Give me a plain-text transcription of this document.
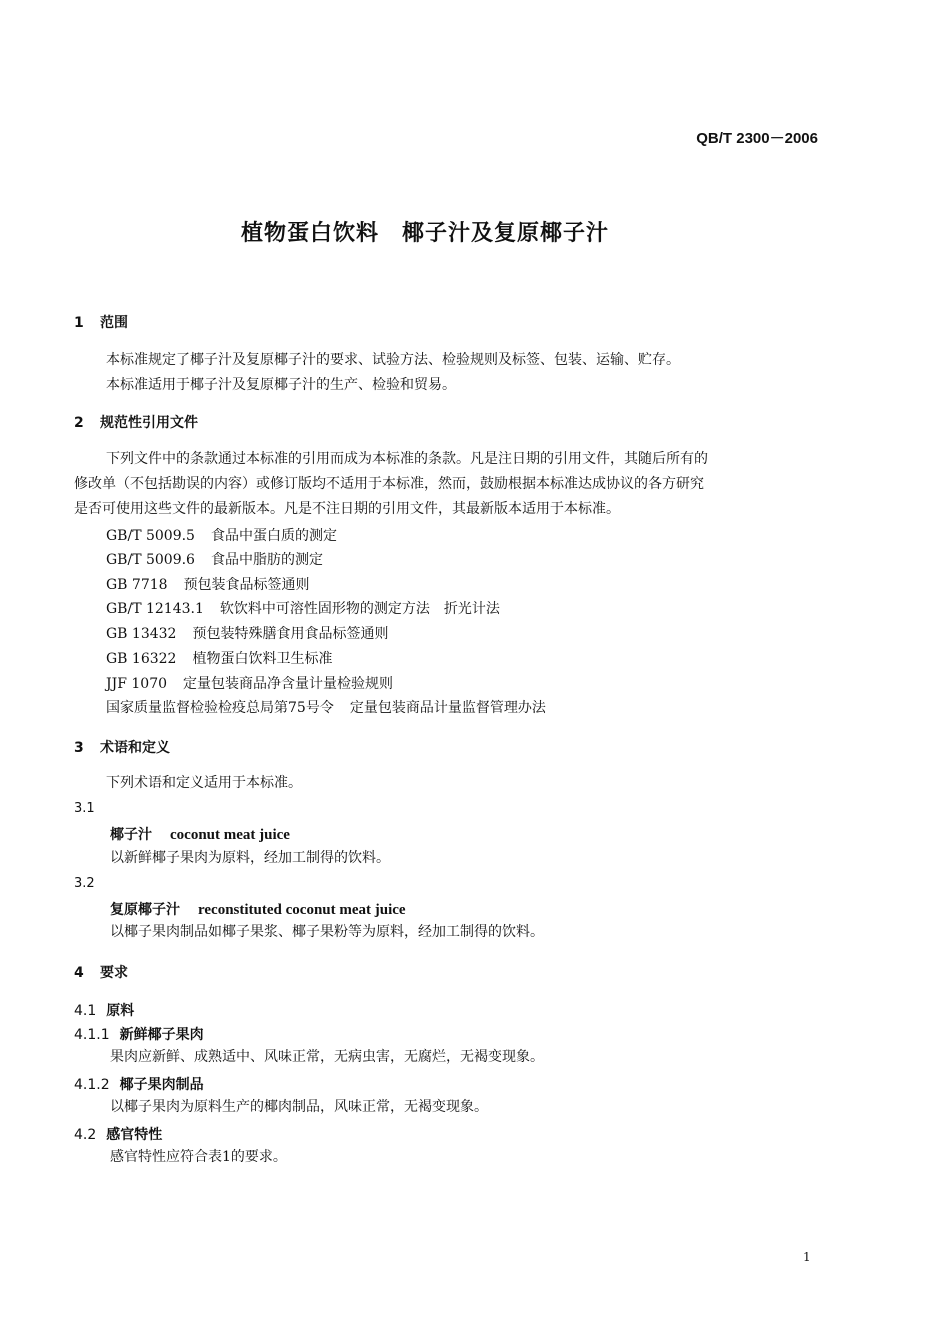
QB/T 2300－2006
植物蛋白饮料　椰子汁及复原椰子汁
1 范围
本标准规定了椰子汁及复原椰子汁的要求、试验方法、检验规则及标签、包装、运输、贮存。
本标准适用于椰子汁及复原椰子汁的生产、检验和贸易。
2 规范性引用文件
下列文件中的条款通过本标准的引用而成为本标准的条款。凡是注日期的引用文件，其随后所有的
修改单（不包括勘误的内容）或修订版均不适用于本标准，然而，鼓励根据本标准达成协议的各方研究
是否可使用这些文件的最新版本。凡是不注日期的引用文件，其最新版本适用于本标准。
GB/T 5009.5 食品中蛋白质的测定
GB/T 5009.6 食品中脂肪的测定
GB 7718 预包装食品标签通则
GB/T 12143.1 软饮料中可溶性固形物的测定方法　折光计法
GB 13432 预包装特殊膳食用食品标签通则
GB 16322 植物蛋白饮料卫生标准
JJF 1070 定量包装商品净含量计量检验规则
国家质量监督检验检疫总局第75号令 定量包装商品计量监督管理办法
3 术语和定义
下列术语和定义适用于本标准。
3.1
椰子汁 coconut meat juice
以新鲜椰子果肉为原料，经加工制得的饮料。
3.2
复原椰子汁 reconstituted coconut meat juice
以椰子果肉制品如椰子果浆、椰子果粉等为原料，经加工制得的饮料。
4 要求
4.1 原料
4.1.1 新鲜椰子果肉
果肉应新鲜、成熟适中、风味正常，无病虫害，无腐烂，无褐变现象。
4.1.2 椰子果肉制品
以椰子果肉为原料生产的椰肉制品，风味正常，无褐变现象。
4.2 感官特性
感官特性应符合表1的要求。
1
